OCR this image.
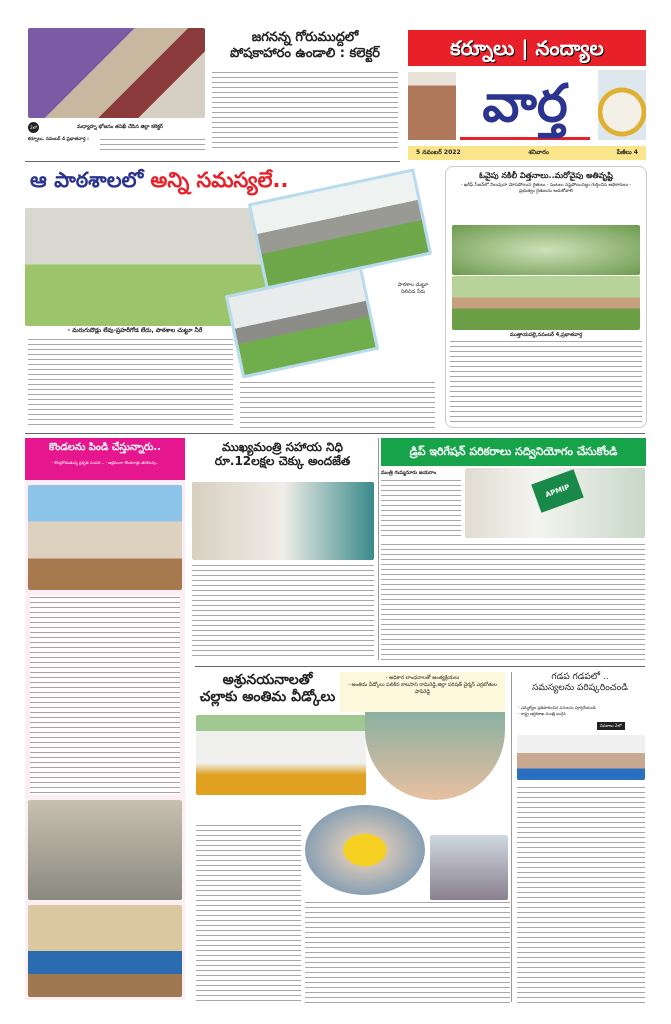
2లో	మధ్యాహ్న భోజనం తనిఖీ చేసిన జిల్లా కలెక్టర్
కర్నూలు, నవంబర్ 4 ప్రభాతవార్త :
జగనన్న గోరుముద్దలో
పోషకాహారం ఉండాలి : కలెక్టర్	కర్నూలు | నంద్యాల
వార్త
5 నవంబర్ 2022	శనివారం	పేజీలు 4
ఆ పాఠశాలలో అన్ని సమస్యలే..
పాఠశాల చుట్టూ నిలిచిన నీరు
- మరుగుదొడ్లు లేవు-ప్రహరీగోడ లేదు, పాఠశాల చుట్టూ నీరే
ఓవైపు నకిలీ విత్తనాలు..మరోవైపు అతివృష్టి
- ఖరీఫ్ సీజన్‌లో నిలువునా మోసపోయిన రైతులు - పంటలు నష్టపోయినట్టు గుర్తించిన అధికారులు - ప్రభుత్వం రైతులను ఆదుకోవాలి
ముత్తాయపల్లె,నవంబర్ 4,ప్రభాతవార్త
కొండలను పిండి చేస్తున్నారు..
- కొండ్రగొడుతున్న ప్రకృతి సంపద .. - అక్రమంగా కొండరాళ్లు తరలింపు..
ముఖ్యమంత్రి సహాయ నిధి
రూ.12లక్షల చెక్కు అందజేత
డ్రిప్ ఇరిగేషన్ పరికరాలు సద్వినియోగం చేసుకోండి
మంత్రి గుమ్మనూరు జయరాం
APMIP
అశ్రునయనాలతో
చల్లాకు అంతిమ వీడ్కోలు
- అధికార లాంఛనాలతో అంత్యక్రియలు
- అంతిమ వీడ్కోలు పలికిన కాటసాని రామిరెడ్డి,జిల్లా పరిషత్ చైర్మన్ ఎర్రబోతుల పాపిరెడ్డి
గడప గడపలో ..
సమస్యలను పరిష్కరించండి
- ఎమ్మెల్యేల ప్రతిపాదించిన పనులను పూర్తిచేయండి
- రాష్ట్ర ఆర్థికశాఖ మంత్రి బుగ్గన
వివరాలు 2లో
